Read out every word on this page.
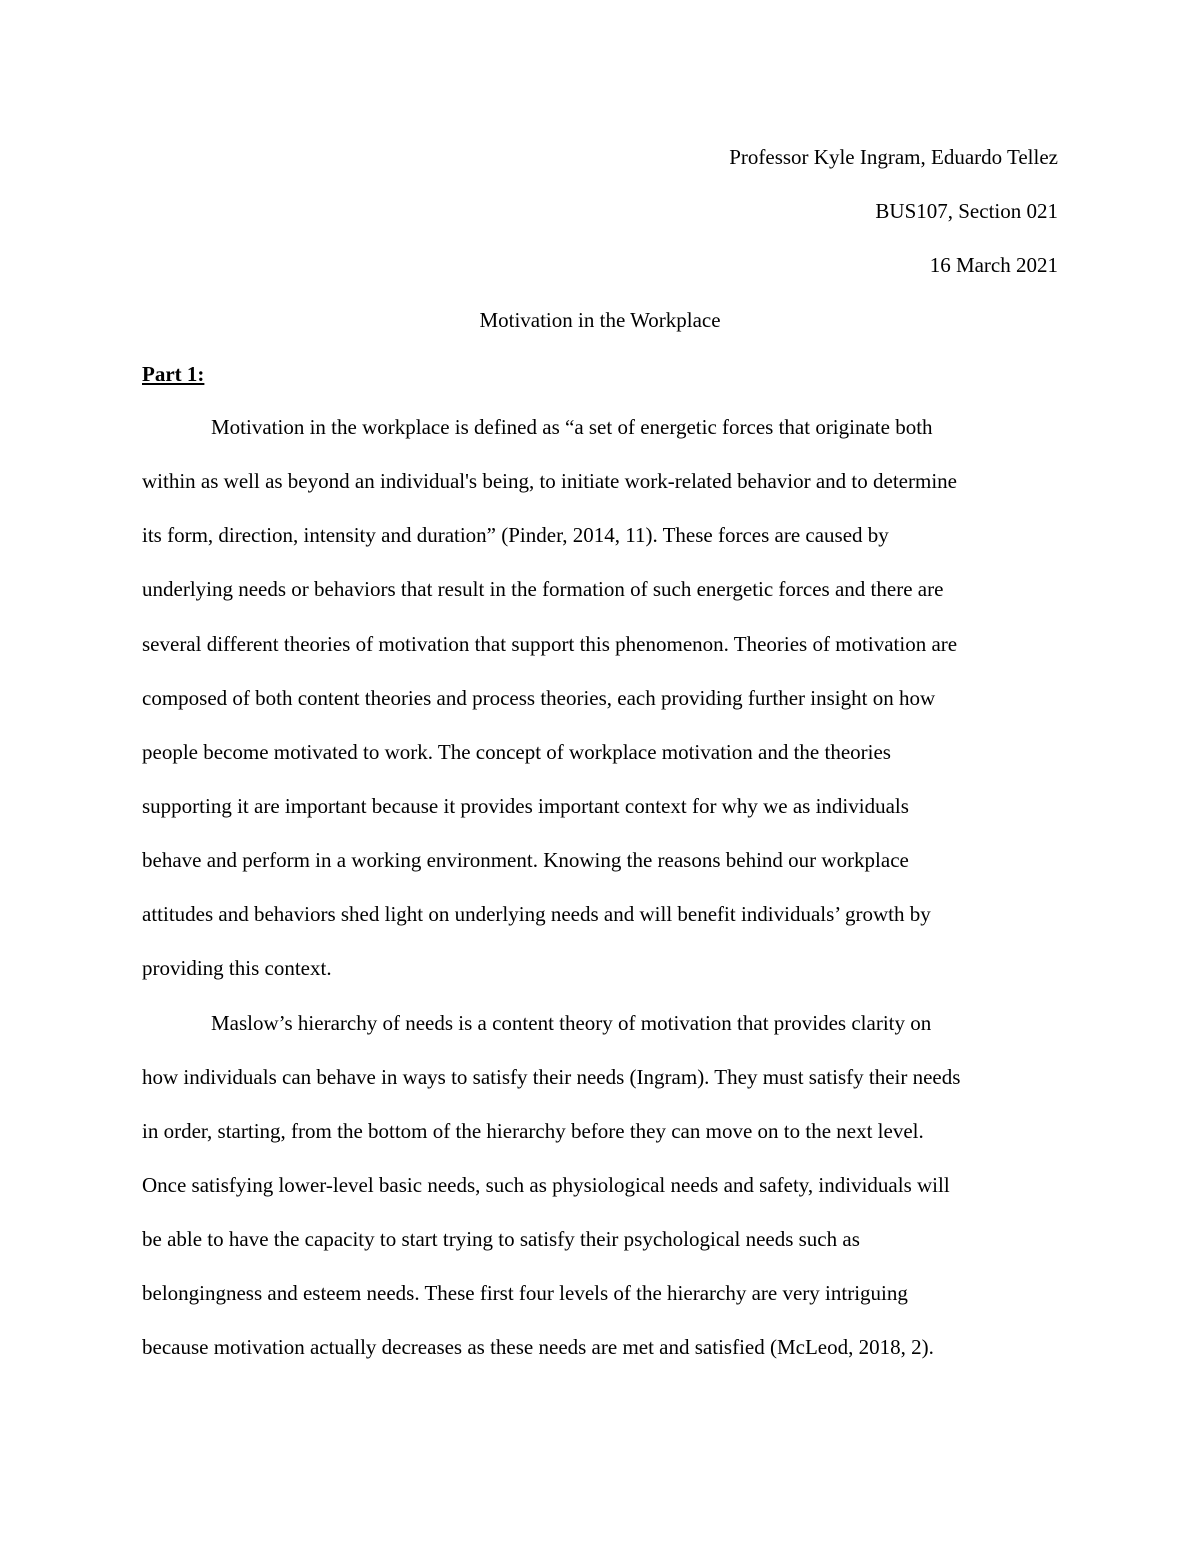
Professor Kyle Ingram, Eduardo Tellez
BUS107, Section 021
16 March 2021
Motivation in the Workplace
Part 1:
Motivation in the workplace is defined as “a set of energetic forces that originate both
within as well as beyond an individual's being, to initiate work-related behavior and to determine
its form, direction, intensity and duration” (Pinder, 2014, 11). These forces are caused by
underlying needs or behaviors that result in the formation of such energetic forces and there are
several different theories of motivation that support this phenomenon. Theories of motivation are
composed of both content theories and process theories, each providing further insight on how
people become motivated to work. The concept of workplace motivation and the theories
supporting it are important because it provides important context for why we as individuals
behave and perform in a working environment. Knowing the reasons behind our workplace
attitudes and behaviors shed light on underlying needs and will benefit individuals’ growth by
providing this context.
Maslow’s hierarchy of needs is a content theory of motivation that provides clarity on
how individuals can behave in ways to satisfy their needs (Ingram). They must satisfy their needs
in order, starting, from the bottom of the hierarchy before they can move on to the next level.
Once satisfying lower-level basic needs, such as physiological needs and safety, individuals will
be able to have the capacity to start trying to satisfy their psychological needs such as
belongingness and esteem needs. These first four levels of the hierarchy are very intriguing
because motivation actually decreases as these needs are met and satisfied (McLeod, 2018, 2).
